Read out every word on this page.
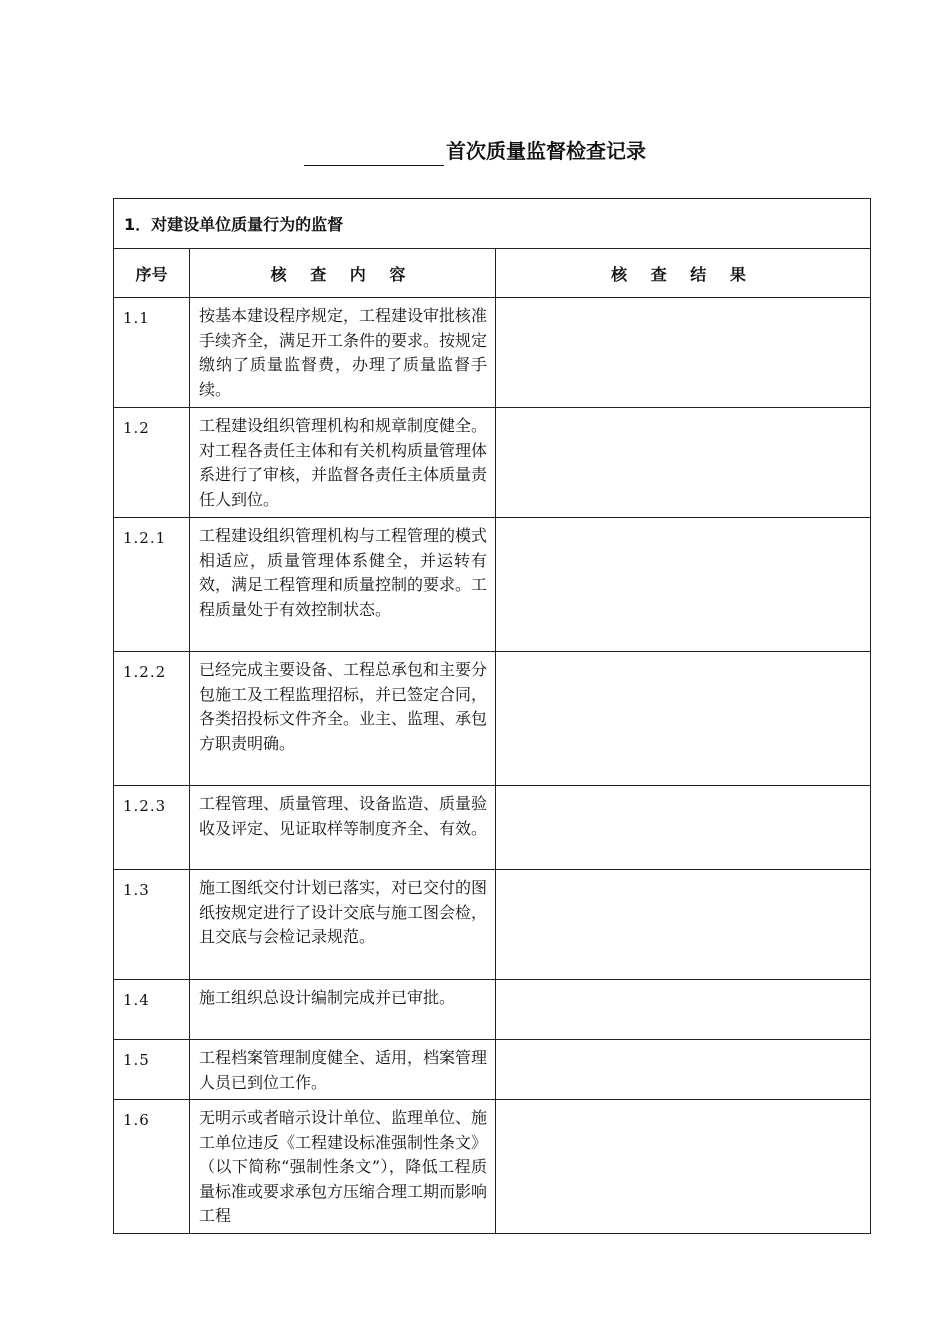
首次质量监督检查记录
1．对建设单位质量行为的监督		
序号	核 查 内 容	核 查 结 果
1.1	按基本建设程序规定，工程建设审批核准手续齐全，满足开工条件的要求。按规定缴纳了质量监督费，办理了质量监督手续。	
1.2	工程建设组织管理机构和规章制度健全。对工程各责任主体和有关机构质量管理体系进行了审核，并监督各责任主体质量责任人到位。	
1.2.1	工程建设组织管理机构与工程管理的模式相适应，质量管理体系健全，并运转有效，满足工程管理和质量控制的要求。工程质量处于有效控制状态。	
1.2.2	已经完成主要设备、工程总承包和主要分包施工及工程监理招标，并已签定合同，各类招投标文件齐全。业主、监理、承包方职责明确。	
1.2.3	工程管理、质量管理、设备监造、质量验收及评定、见证取样等制度齐全、有效。	
1.3	施工图纸交付计划已落实，对已交付的图纸按规定进行了设计交底与施工图会检，且交底与会检记录规范。	
1.4	施工组织总设计编制完成并已审批。	
1.5	工程档案管理制度健全、适用，档案管理人员已到位工作。	
1.6	无明示或者暗示设计单位、监理单位、施工单位违反《工程建设标准强制性条文》（以下简称“强制性条文”），降低工程质量标准或要求承包方压缩合理工期而影响工程	
